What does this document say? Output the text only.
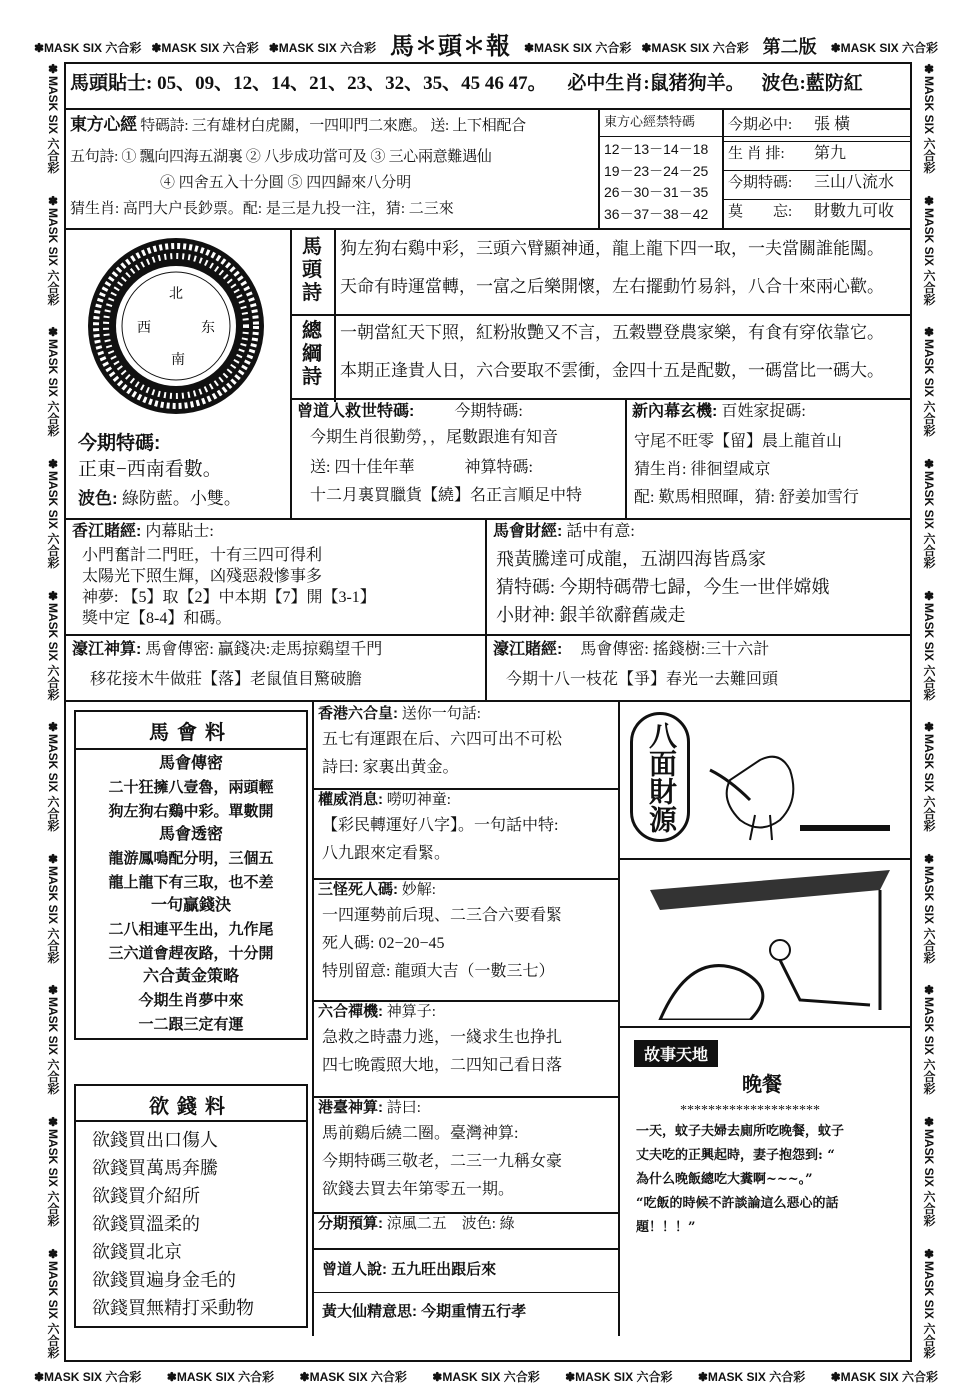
✽MASK SIX 六合彩 ✽MASK SIX 六合彩 ✽MASK SIX 六合彩 馬✽頭✽報	✽MASK SIX 六合彩 ✽MASK SIX 六合彩 第二版	✽MASK SIX 六合彩
✽MASK SIX 六合彩 ✽MASK SIX 六合彩 ✽MASK SIX 六合彩 ✽MASK SIX 六合彩 ✽MASK SIX 六合彩 ✽MASK SIX 六合彩 ✽MASK SIX 六合彩
✽MASK SIX 六合彩
✽MASK SIX 六合彩
✽MASK SIX 六合彩
✽MASK SIX 六合彩
✽MASK SIX 六合彩
✽MASK SIX 六合彩
✽MASK SIX 六合彩
✽MASK SIX 六合彩
✽MASK SIX 六合彩
✽MASK SIX 六合彩
✽MASK SIX 六合彩
✽MASK SIX 六合彩
✽MASK SIX 六合彩
✽MASK SIX 六合彩
✽MASK SIX 六合彩
✽MASK SIX 六合彩
✽MASK SIX 六合彩
✽MASK SIX 六合彩
✽MASK SIX 六合彩
✽MASK SIX 六合彩
馬頭貼士: 05、09、12、14、21、23、32、35、45 46 47。 必中生肖:鼠猪狗羊。 波色:藍防紅
東方心經 特碼詩: 三有雄材白虎關，一四叩門二來應。 送: 上下相配合
五句詩: ① 飄向四海五湖裏 ② 八步成功當可及 ③ 三心兩意難遇仙
④ 四舍五入十分圓 ⑤ 四四歸來八分明
猜生肖: 高門大户長鈔票。配: 是三是九投一注，猜: 二三來
東方心經禁特碼
12－13－14－18
19－23－24－25
26－30－31－35
36－37－38－42
今期必中: 張 橫
生 肖 排: 第九
今期特碼: 三山八流水
莫　　忘: 財數九可收
北
西	东
南
馬頭詩
狗左狗右鷄中彩，三頭六臂顯神通，龍上龍下四一取，一夫當關誰能闖。
天命有時運當轉，一富之后樂開懷，左右擺動竹易斜，八合十來兩心歡。
總綱詩
一朝當紅天下照，紅粉妝艷又不言，五穀豐登農家樂，有食有穿依靠它。
本期正逢貴人日，六合要取不雲衝，金四十五是配數，一碼當比一碼大。
今期特碼:
正東−西南看數。
波色: 綠防藍。小雙。
曾道人救世特碼:	今期特碼:
今期生肖很勤勞，，尾數跟進有知音
送: 四十佳年華	神算特碼:
十二月裏買臘貨【繞】名正言順足中特
新內幕玄機: 百姓家捉碼:
守尾不旺零【留】晨上龍首山
猜生肖: 徘徊望咸京
配: 歎馬相照暉，猜: 舒姜加雪行
香江賭經: 内幕貼士:
小門奮計二門旺，十有三四可得利
太陽光下照生輝，凶殘惡殺慘事多
神夢: 【5】取【2】中本期【7】開【3-1】
獎中定【8-4】和碼。
馬會財經: 話中有意:
飛黃騰達可成龍，五湖四海皆爲家
猜特碼: 今期特碼帶七歸，今生一世伴嫦娥
小財神: 銀羊欲辭舊歲走
濠江神算: 馬會傳密: 贏錢决:走馬掠鷄望千門
移花接木牛做莊【落】老鼠值目驚破膽
濠江賭經: 馬會傳密: 搖錢樹:三十六計
今期十八一枝花【爭】春光一去難回頭
馬會料
馬會傳密
二十狂擁八壹魯，兩頭輕
狗左狗右鷄中彩。單數開
馬會透密
龍游鳳鳴配分明，三個五
龍上龍下有三取，也不差
一句贏錢決
二八相連平生出，九作尾
三六道會趕夜路，十分開
六合黃金策略
今期生肖夢中來
一二跟三定有運
欲錢料
欲錢買出口傷人
欲錢買萬馬奔騰
欲錢買介紹所
欲錢買溫柔的
欲錢買北京
欲錢買遍身金毛的
欲錢買無精打采動物
香港六合皇: 送你一句話:
五七有運跟在后、六四可出不可松
詩曰: 家裏出黄金。
權威消息: 嘮叨神童:
【彩民轉運好八字】。一句話中特:
八九跟來定看緊。
三怪死人碼: 妙解:
一四運勢前后現、二三合六要看緊
死人碼: 02−20−45
特別留意: 龍頭大吉（一數三七）
六合禪機: 神算子:
急救之時盡力逃，一綫求生也挣扎
四七晚霞照大地，二四知己看日落
港臺神算: 詩曰:
馬前鷄后繞二圈。臺灣神算:
今期特碼三敬老，二三一九稱女豪
欲錢去買去年第零五一期。
分期預算: 涼風二五　波色: 綠
曾道人說: 五九旺出跟后來
黃大仙精意思: 今期重情五行孝
八面財源
故事天地
晚餐
********************
一天，蚊子夫婦去廁所吃晚餐，蚊子
丈夫吃的正興起時，妻子抱怨到: “
為什么晚飯總吃大糞啊~~~。”
“吃飯的時候不許談論這么惡心的話
題！！！”
